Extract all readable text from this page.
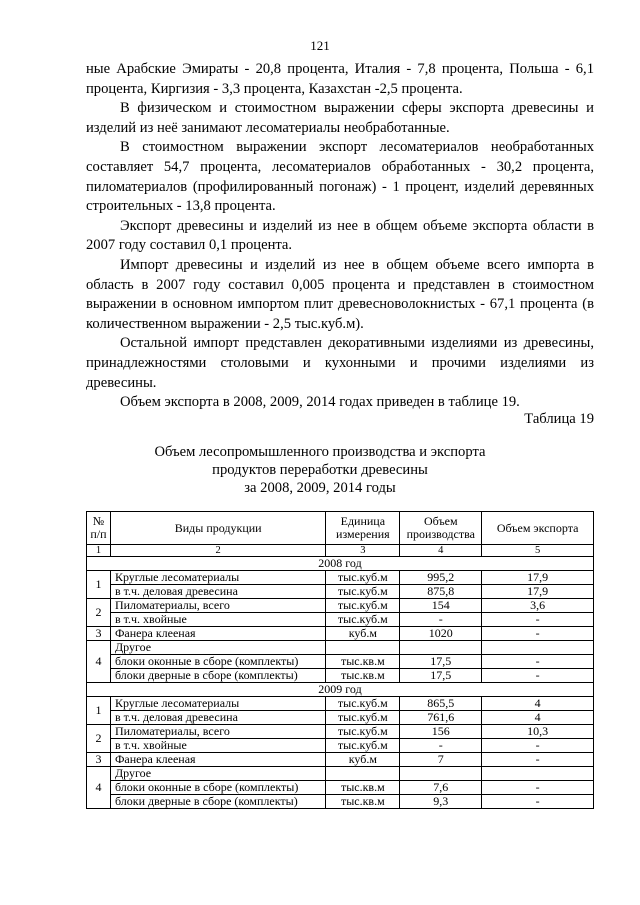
121

ные Арабские Эмираты - 20,8 процента, Италия - 7,8 процента, Польша - 6,1 процента, Киргизия - 3,3 процента, Казахстан -2,5 процента.

В физическом и стоимостном выражении сферы экспорта древесины и изделий из неё занимают лесоматериалы необработанные.

В стоимостном выражении экспорт лесоматериалов необработанных составляет 54,7 процента, лесоматериалов обработанных - 30,2 процента, пиломатериалов (профилированный погонаж) - 1 процент, изделий деревянных строительных - 13,8 процента.

Экспорт древесины и изделий из нее в общем объеме экспорта области в 2007 году составил 0,1 процента.

Импорт древесины и изделий из нее в общем объеме всего импорта в область в 2007 году составил 0,005 процента и представлен в стоимостном выражении в основном импортом плит древесноволокнистых - 67,1 процента (в количественном выражении - 2,5 тыс.куб.м).

Остальной импорт представлен декоративными изделиями из древесины, принадлежностями столовыми и кухонными и прочими изделиями из древесины.

Объем экспорта в 2008, 2009, 2014 годах приведен в таблице 19.

Таблица 19
Объем лесопромышленного производства и экспорта
продуктов переработки древесины
за 2008, 2009, 2014 годы
№ п/п	Виды продукции	Единица измерения	Объем производства	Объем экспорта
1	2	3	4	5
2008 год				
1	Круглые лесоматериалы	тыс.куб.м	995,2	17,9
	в т.ч. деловая древесина	тыс.куб.м	875,8	17,9
2	Пиломатериалы, всего	тыс.куб.м	154	3,6
	в т.ч. хвойные	тыс.куб.м	-	-
3	Фанера клееная	куб.м	1020	-
4	Другое			
	блоки оконные в сборе (комплекты)	тыс.кв.м	17,5	-
	блоки дверные в сборе (комплекты)	тыс.кв.м	17,5	-
2009 год				
1	Круглые лесоматериалы	тыс.куб.м	865,5	4
	в т.ч. деловая древесина	тыс.куб.м	761,6	4
2	Пиломатериалы, всего	тыс.куб.м	156	10,3
	в т.ч. хвойные	тыс.куб.м	-	-
3	Фанера клееная	куб.м	7	-
4	Другое			
	блоки оконные в сборе (комплекты)	тыс.кв.м	7,6	-
	блоки дверные в сборе (комплекты)	тыс.кв.м	9,3	-
